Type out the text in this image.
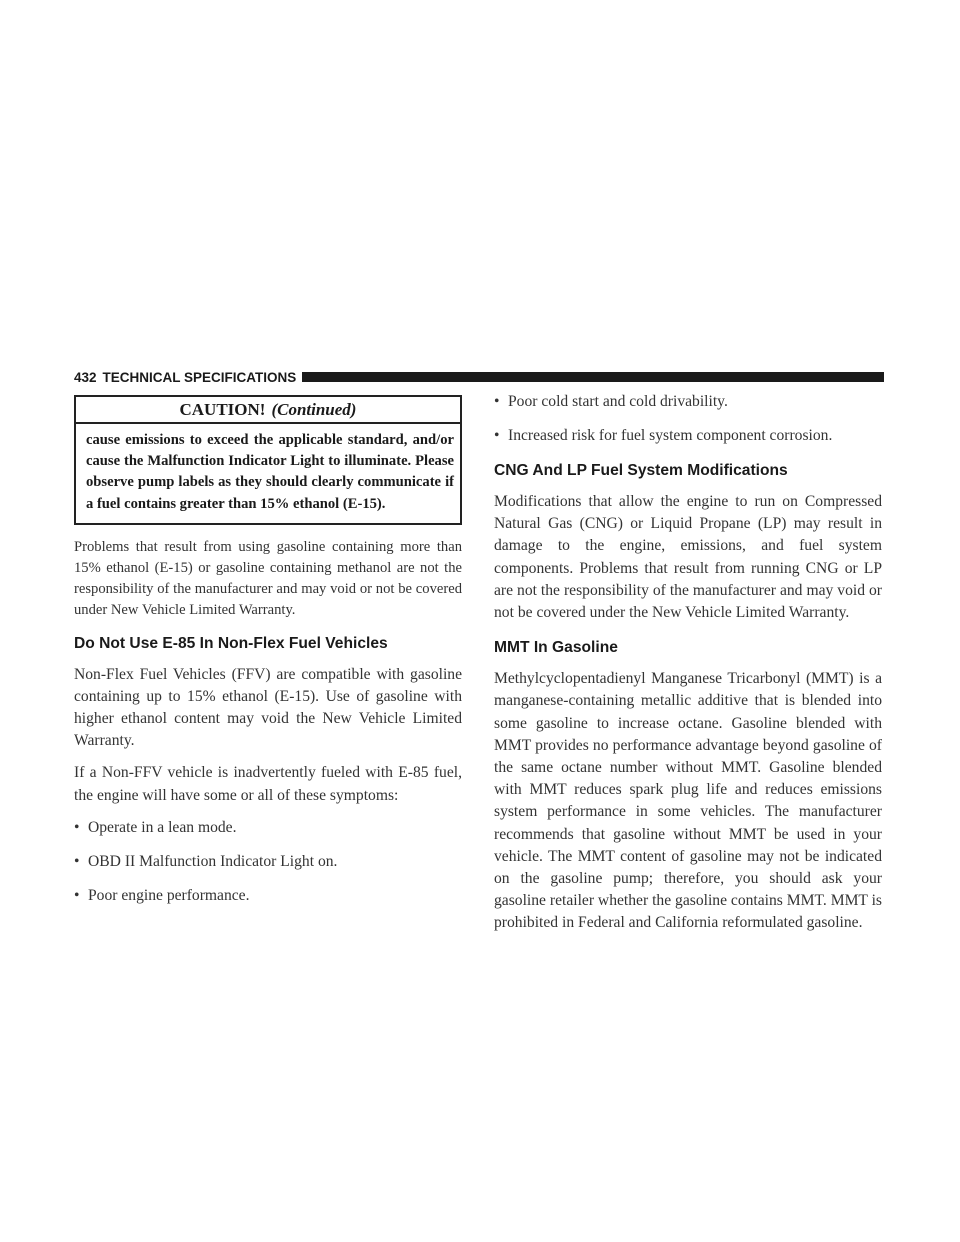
432 TECHNICAL SPECIFICATIONS
CAUTION! (Continued)

cause emissions to exceed the applicable standard, and/or cause the Malfunction Indicator Light to illuminate. Please observe pump labels as they should clearly communicate if a fuel contains greater than 15% ethanol (E-15).

Problems that result from using gasoline containing more than 15% ethanol (E-15) or gasoline containing methanol are not the responsibility of the manufacturer and may void or not be covered under New Vehicle Limited Warranty.

Do Not Use E-85 In Non-Flex Fuel Vehicles

Non-Flex Fuel Vehicles (FFV) are compatible with gasoline containing up to 15% ethanol (E-15). Use of gasoline with higher ethanol content may void the New Vehicle Limited Warranty.

If a Non-FFV vehicle is inadvertently fueled with E-85 fuel, the engine will have some or all of these symptoms:

• Operate in a lean mode.
• OBD II Malfunction Indicator Light on.
• Poor engine performance.
• Poor cold start and cold drivability.
• Increased risk for fuel system component corrosion.
CNG And LP Fuel System Modifications

Modifications that allow the engine to run on Compressed Natural Gas (CNG) or Liquid Propane (LP) may result in damage to the engine, emissions, and fuel system components. Problems that result from running CNG or LP are not the responsibility of the manufacturer and may void or not be covered under the New Vehicle Limited Warranty.

MMT In Gasoline

Methylcyclopentadienyl Manganese Tricarbonyl (MMT) is a manganese-containing metallic additive that is blended into some gasoline to increase octane. Gasoline blended with MMT provides no performance advantage beyond gasoline of the same octane number without MMT. Gasoline blended with MMT reduces spark plug life and reduces emissions system performance in some vehicles. The manufacturer recommends that gasoline without MMT be used in your vehicle. The MMT content of gasoline may not be indicated on the gasoline pump; therefore, you should ask your gasoline retailer whether the gasoline contains MMT. MMT is prohibited in Federal and California reformulated gasoline.
